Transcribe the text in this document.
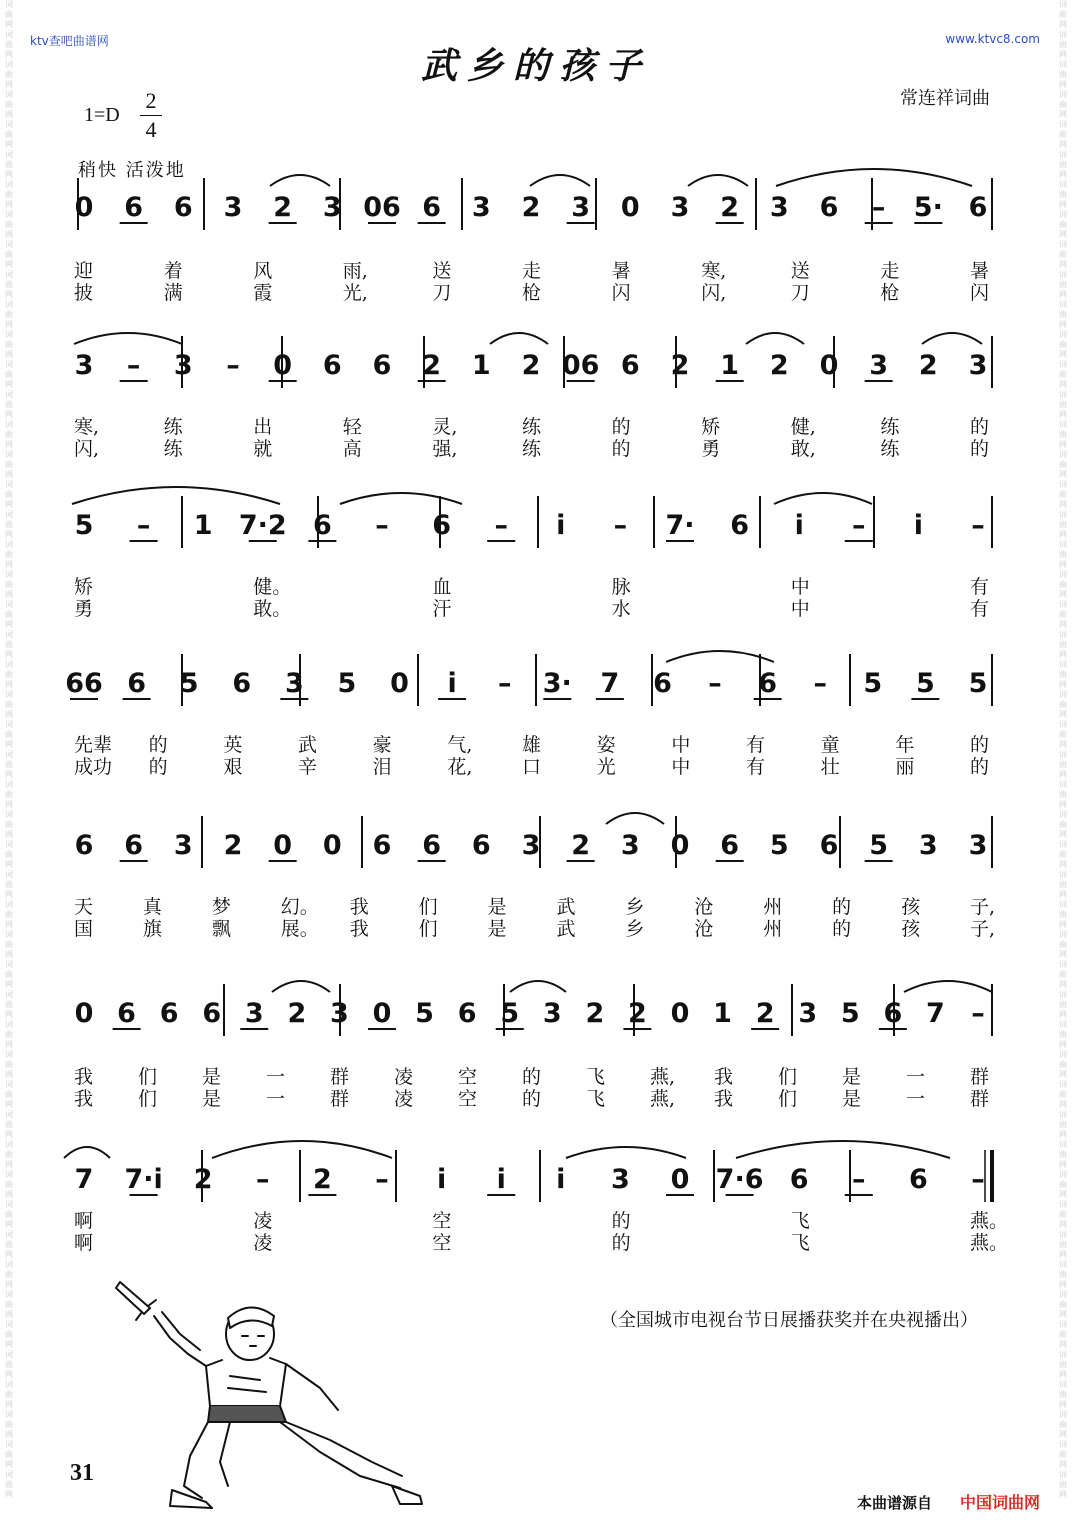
词
曲
网
词
曲
网
词
曲
网
词
曲
网
词
曲
网
词
曲
网
词
曲
网
词
曲
网
词
曲
网
词
曲
网
词
曲
网
词
曲
网
词
曲
网
词
曲
网
词
曲
网
词
曲
网
词
曲
网
词
曲
网
词
曲
网
词
曲
网
词
曲
网
词
曲
网
词
曲
网
词
曲
网
词
曲
网
词
曲
网
词
曲
网
词
曲
网
词
曲
网
词
曲
网
词
曲
网
词
曲
网
词
曲
网
词
曲
网
词
曲
网
词
曲
网
词
曲
网
词
曲
网
词
曲
网
词
曲
网
词
曲
网
词
曲
网
词
曲
网
词
曲
网
词
曲
网
词
曲
网
词
曲
网
词
曲
网
词
曲
网
词
曲
网
词
曲
网
词
曲
网
词
曲
网
词
曲
网
词
曲
网
词
曲
网
词
曲
网
词
曲
网
词
曲
网
词
曲
网
词
曲
网
词
曲
网
词
曲
网
词
曲
网
词
曲
网
词
曲
网
词
曲
网
词
曲
网
词
曲
网
词
曲
网
词
曲
网
词
曲
网
词
曲
网
词
曲
网
词
曲
网
词
曲
网
词
曲
网
词
曲
网
词
曲
网
词
曲
网
词
曲
网
词
曲
网
词
曲
网
词
曲
网
词
曲
网
词
曲
网
词
曲
网
词
曲
网
词
曲
网
词
曲
网
词
曲
网
词
曲
网
词
曲
网
词
曲
网
词
曲
网
词
曲
网
词
曲
网
词
曲
网
词
曲
网
词
曲
网
ktv查吧曲谱网	www.ktvc8.com
武乡的孩子
常连祥词曲
1=D
2
4
稍快 活泼地
0 6 6 3 2 3 06 6 3 2 3 0 3 2 3 6 – 5· 6
迎	着	风	雨,	送	走	暑	寒,	送	走	暑
披	满	霞	光,	刀	枪	闪	闪,	刀	枪	闪
3 – 3 – 0 6 6 2 1 2 06 6 2 1 2 0 3 2 3
寒,	练	出	轻	灵,	练	的	矫	健,	练	的
闪,	练	就	高	强,	练	的	勇	敢,	练	的
5 – 1 7·2 6 – 6 – i – 7· 6 i – i –
矫	健。	血	脉	中	有
勇	敢。	汗	水	中	有
66 6 5 6 3 5 0 i – 3· 7 6 – 6 – 5 5 5
先辈 的	英	武	豪	气,	雄	姿	中	有	童	年	的
成功 的	艰	辛	泪	花,	口	光	中	有	壮	丽	的
6 6 3 2 0 0 6 6 6 3 2 3 0 6 5 6 5 3 3
天	真	梦	幻。 我	们	是	武	乡	沧	州	的	孩	子,
国	旗	飘	展。 我	们	是	武	乡	沧	州	的	孩	子,
0 6 6 6 3 2 3 0 5 6 5 3 2 2 0 1 2 3 5 6 7 –
我 们 是 一 群 凌 空 的 飞 燕, 我 们 是 一 群
我 们 是 一 群 凌 空 的 飞 燕, 我 们 是 一 群
7 7·i 2 – 2 – i i i 3 0 7·6 6 – 6 –
啊	凌	空	的	飞	燕。
啊	凌	空	的	飞	燕。
（全国城市电视台节日展播获奖并在央视播出）
31
本曲谱源自 中国词曲网
